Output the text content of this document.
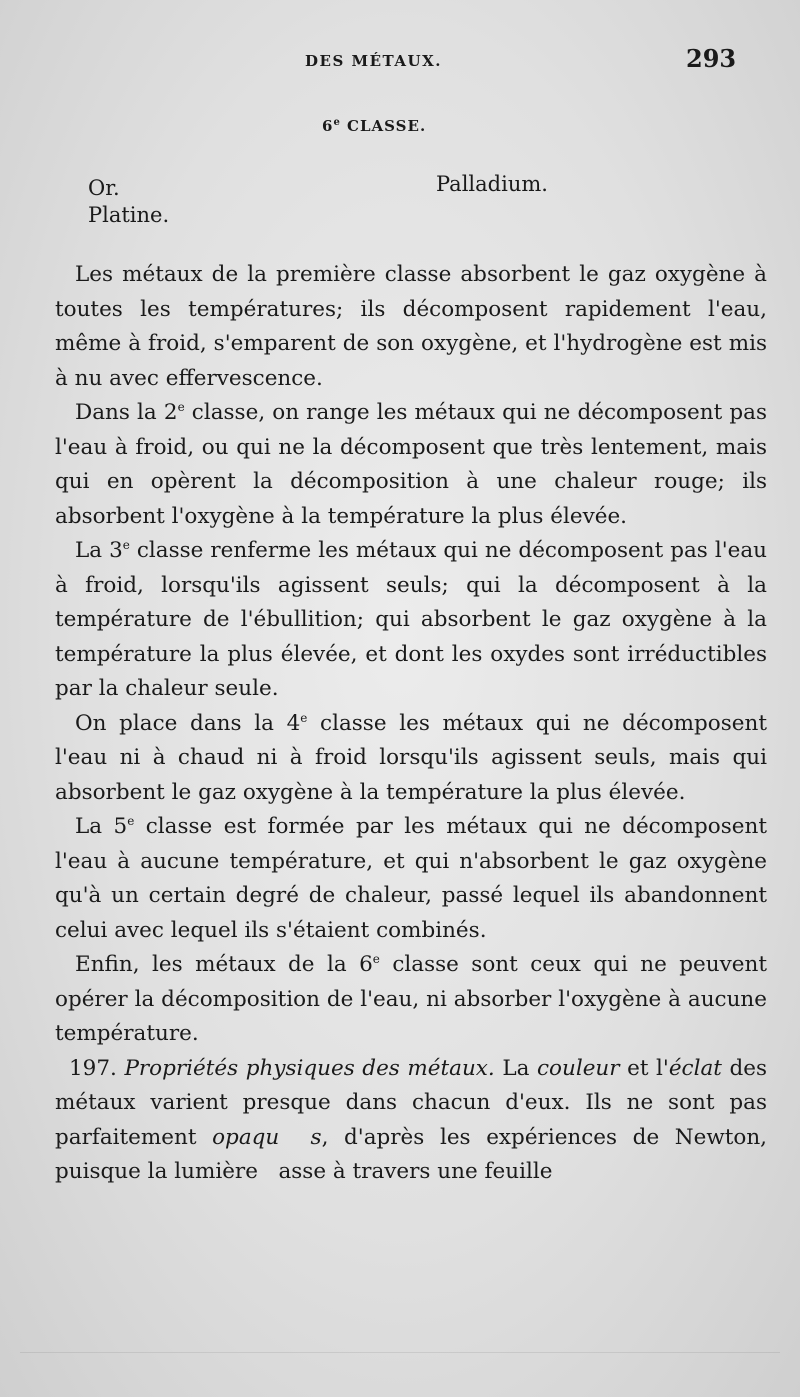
DES MÉTAUX.	293
6e CLASSE.
Or.
Platine.
Palladium.

Les métaux de la première classe absorbent le gaz oxygène à toutes les températures; ils décomposent rapidement l'eau, même à froid, s'emparent de son oxygène, et l'hydrogène est mis à nu avec effervescence.

Dans la 2e classe, on range les métaux qui ne décomposent pas l'eau à froid, ou qui ne la décomposent que très lentement, mais qui en opèrent la décomposition à une chaleur rouge; ils absorbent l'oxygène à la température la plus élevée.

La 3e classe renferme les métaux qui ne décomposent pas l'eau à froid, lorsqu'ils agissent seuls; qui la décomposent à la température de l'ébullition; qui absorbent le gaz oxygène à la température la plus élevée, et dont les oxydes sont irréductibles par la chaleur seule.

On place dans la 4e classe les métaux qui ne décomposent l'eau ni à chaud ni à froid lorsqu'ils agissent seuls, mais qui absorbent le gaz oxygène à la température la plus élevée.

La 5e classe est formée par les métaux qui ne décomposent l'eau à aucune température, et qui n'absorbent le gaz oxygène qu'à un certain degré de chaleur, passé lequel ils abandonnent celui avec lequel ils s'étaient combinés.

Enfin, les métaux de la 6e classe sont ceux qui ne peuvent opérer la décomposition de l'eau, ni absorber l'oxygène à aucune température.

197. Propriétés physiques des métaux. La couleur et l'éclat des métaux varient presque dans chacun d'eux. Ils ne sont pas parfaitement opaqu s, d'après les expériences de Newton, puisque la lumière   asse à travers une feuille
